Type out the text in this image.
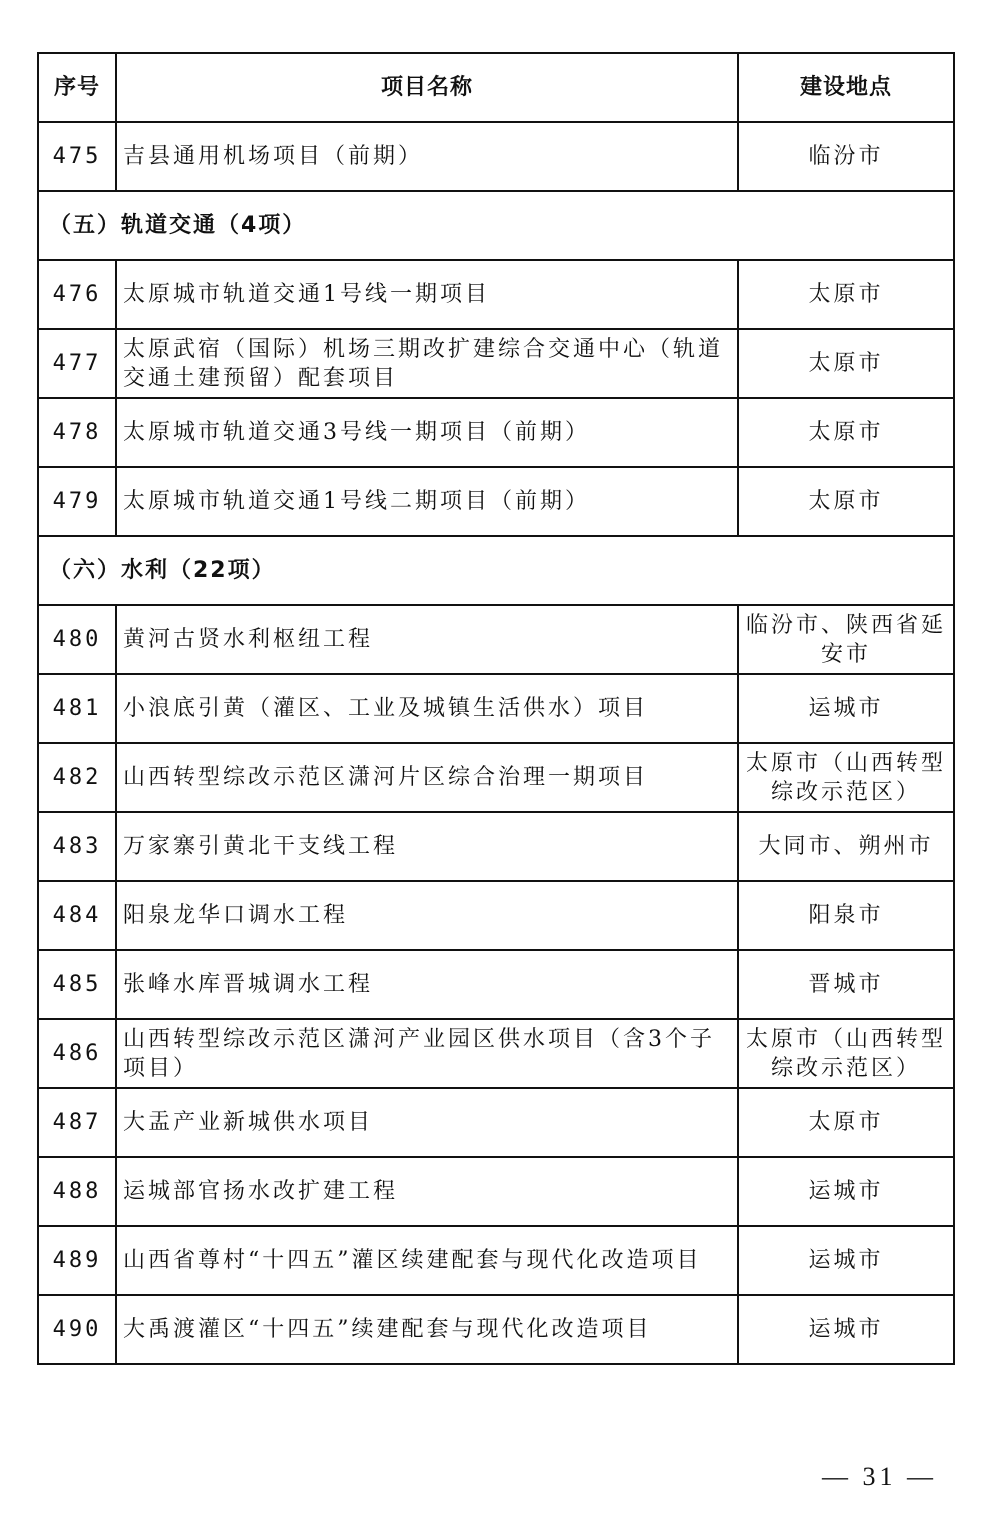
序号	项目名称	建设地点
475	吉县通用机场项目（前期）	临汾市
（五）轨道交通（4项）		
476	太原城市轨道交通1号线一期项目	太原市
477	太原武宿（国际）机场三期改扩建综合交通中心（轨道交通土建预留）配套项目	太原市
478	太原城市轨道交通3号线一期项目（前期）	太原市
479	太原城市轨道交通1号线二期项目（前期）	太原市
（六）水利（22项）		
480	黄河古贤水利枢纽工程	临汾市、陕西省延安市
481	小浪底引黄（灌区、工业及城镇生活供水）项目	运城市
482	山西转型综改示范区潇河片区综合治理一期项目	太原市（山西转型综改示范区）
483	万家寨引黄北干支线工程	大同市、朔州市
484	阳泉龙华口调水工程	阳泉市
485	张峰水库晋城调水工程	晋城市
486	山西转型综改示范区潇河产业园区供水项目（含3个子项目）	太原市（山西转型综改示范区）
487	大盂产业新城供水项目	太原市
488	运城部官扬水改扩建工程	运城市
489	山西省尊村“十四五”灌区续建配套与现代化改造项目	运城市
490	大禹渡灌区“十四五”续建配套与现代化改造项目	运城市
— 31 —
